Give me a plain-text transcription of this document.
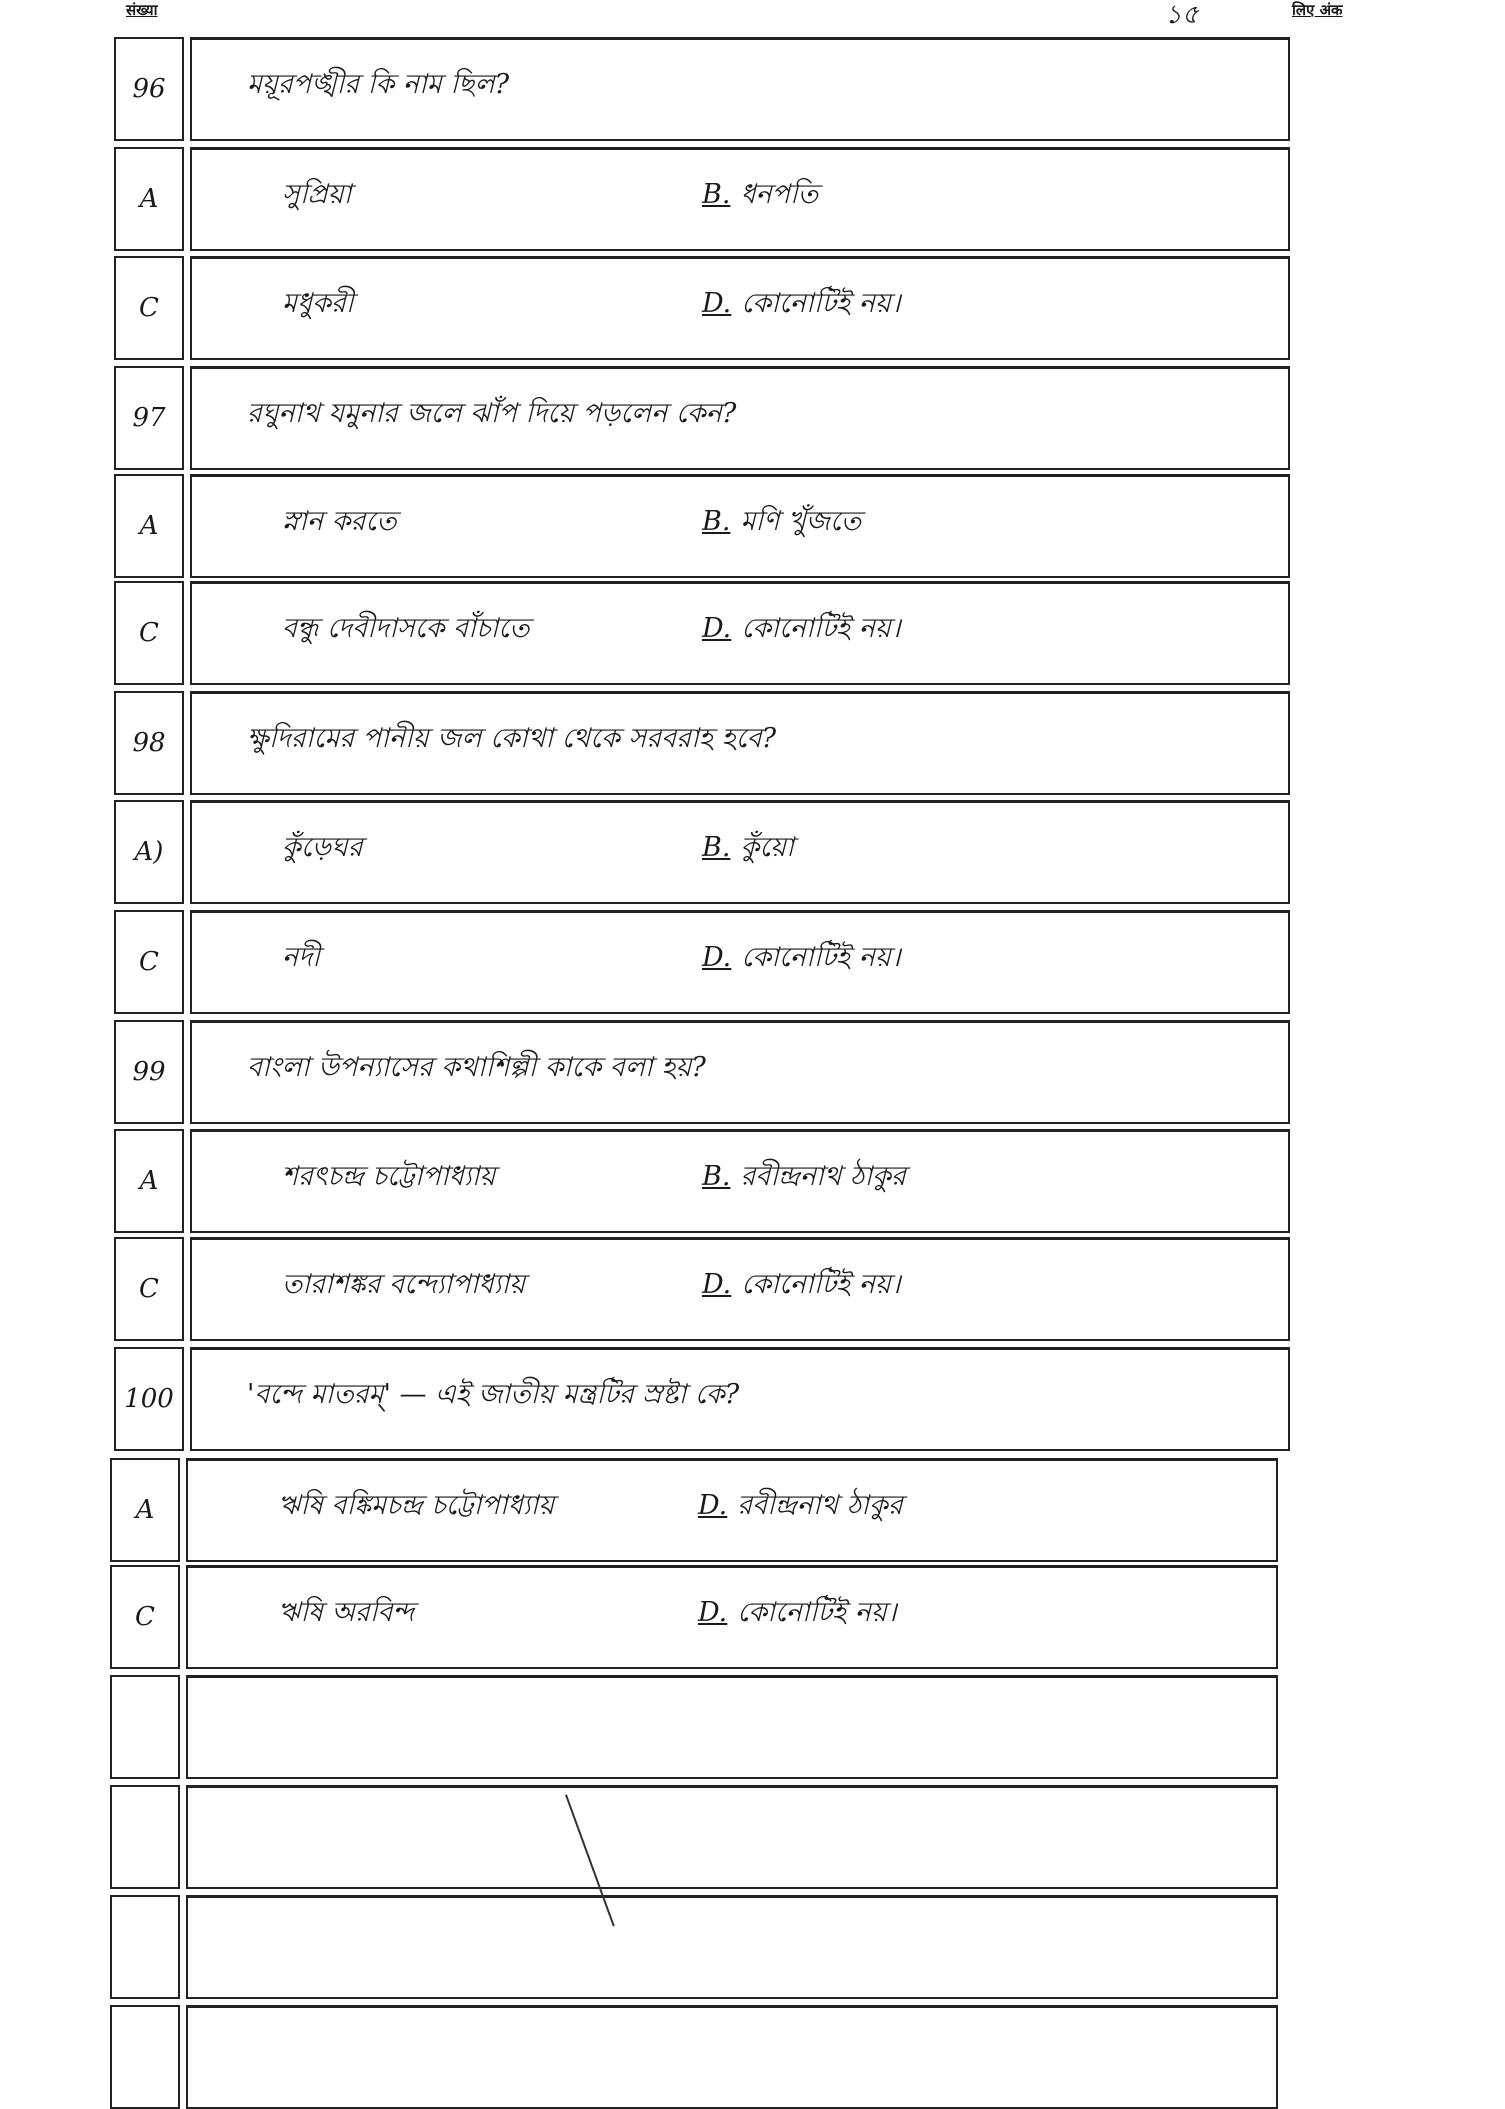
संख्या	১৫	लिए अंक
96	ময়ূরপঙ্খীর কি নাম ছিল?
A	সুপ্রিয়া	B. ধনপতি
C	মধুকরী	D. কোনোটিই নয়।
97	রঘুনাথ যমুনার জলে ঝাঁপ দিয়ে পড়লেন কেন?
A	স্নান করতে	B. মণি খুঁজতে
C	বন্ধু দেবীদাসকে বাঁচাতে	D. কোনোটিই নয়।
98	ক্ষুদিরামের পানীয় জল কোথা থেকে সরবরাহ হবে?
A)	কুঁড়েঘর	B. কুঁয়ো
C	নদী	D. কোনোটিই নয়।
99	বাংলা উপন্যাসের কথাশিল্পী কাকে বলা হয়?
A	শরৎচন্দ্র চট্টোপাধ্যায়	B. রবীন্দ্রনাথ ঠাকুর
C	তারাশঙ্কর বন্দ্যোপাধ্যায়	D. কোনোটিই নয়।
100	'বন্দে মাতরম্' — এই জাতীয় মন্ত্রটির স্রষ্টা কে?
A	ঋষি বঙ্কিমচন্দ্র চট্টোপাধ্যায়	D. রবীন্দ্রনাথ ঠাকুর
C	ঋষি অরবিন্দ	D. কোনোটিই নয়।
